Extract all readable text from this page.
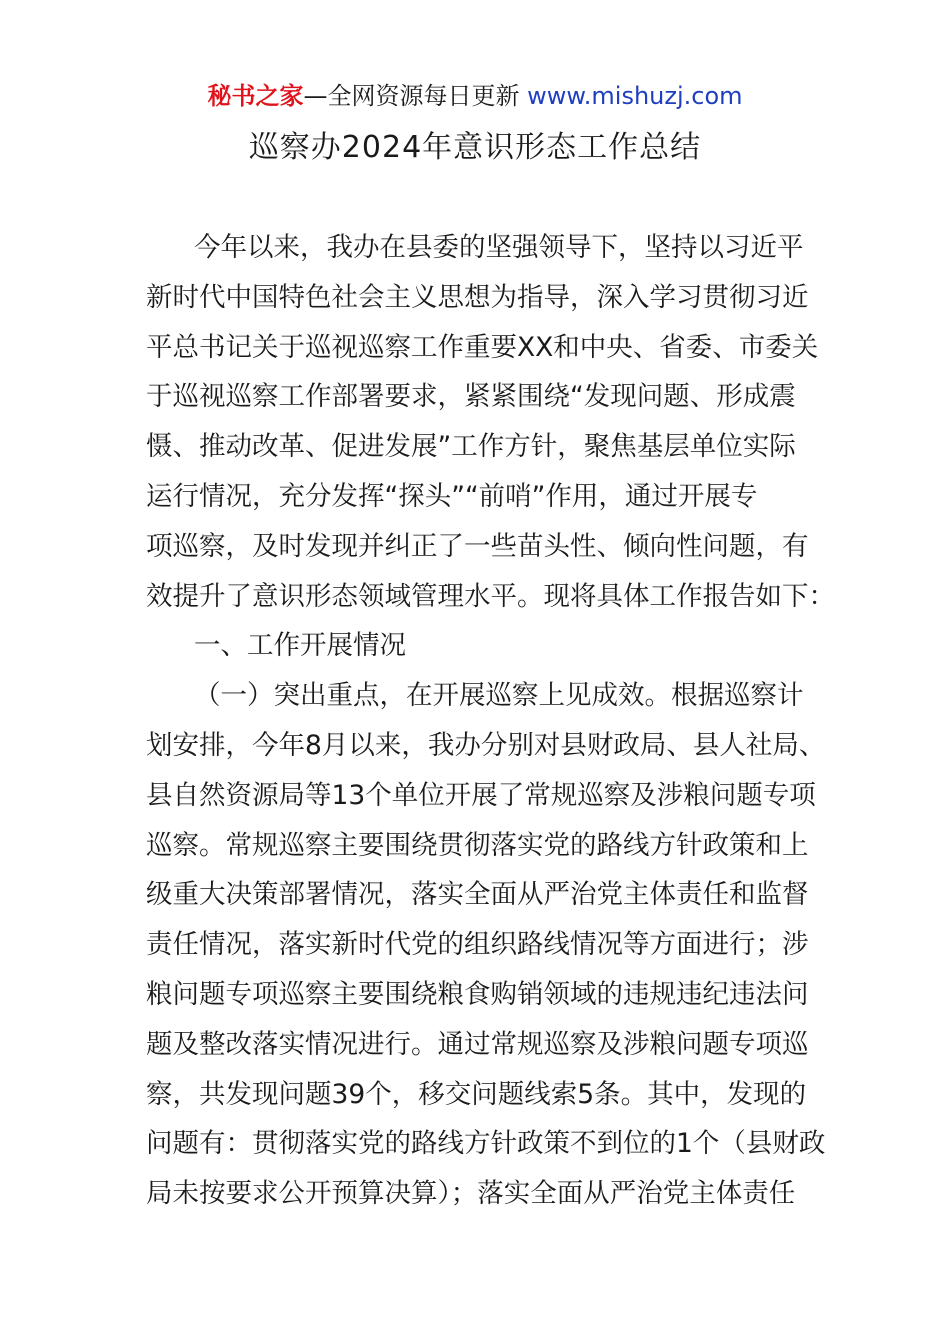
秘书之家—全网资源每日更新 www.mishuzj.com
巡察办2024年意识形态工作总结
今年以来，我办在县委的坚强领导下，坚持以习近平
新时代中国特色社会主义思想为指导，深入学习贯彻习近
平总书记关于巡视巡察工作重要XX和中央、省委、市委关
于巡视巡察工作部署要求，紧紧围绕“发现问题、形成震
慑、推动改革、促进发展”工作方针，聚焦基层单位实际
运行情况，充分发挥“探头”“前哨”作用，通过开展专
项巡察，及时发现并纠正了一些苗头性、倾向性问题，有
效提升了意识形态领域管理水平。现将具体工作报告如下：
一、工作开展情况
（一）突出重点，在开展巡察上见成效。根据巡察计
划安排，今年8月以来，我办分别对县财政局、县人社局、
县自然资源局等13个单位开展了常规巡察及涉粮问题专项
巡察。常规巡察主要围绕贯彻落实党的路线方针政策和上
级重大决策部署情况，落实全面从严治党主体责任和监督
责任情况，落实新时代党的组织路线情况等方面进行；涉
粮问题专项巡察主要围绕粮食购销领域的违规违纪违法问
题及整改落实情况进行。通过常规巡察及涉粮问题专项巡
察，共发现问题39个，移交问题线索5条。其中，发现的
问题有：贯彻落实党的路线方针政策不到位的1个（县财政
局未按要求公开预算决算）；落实全面从严治党主体责任
